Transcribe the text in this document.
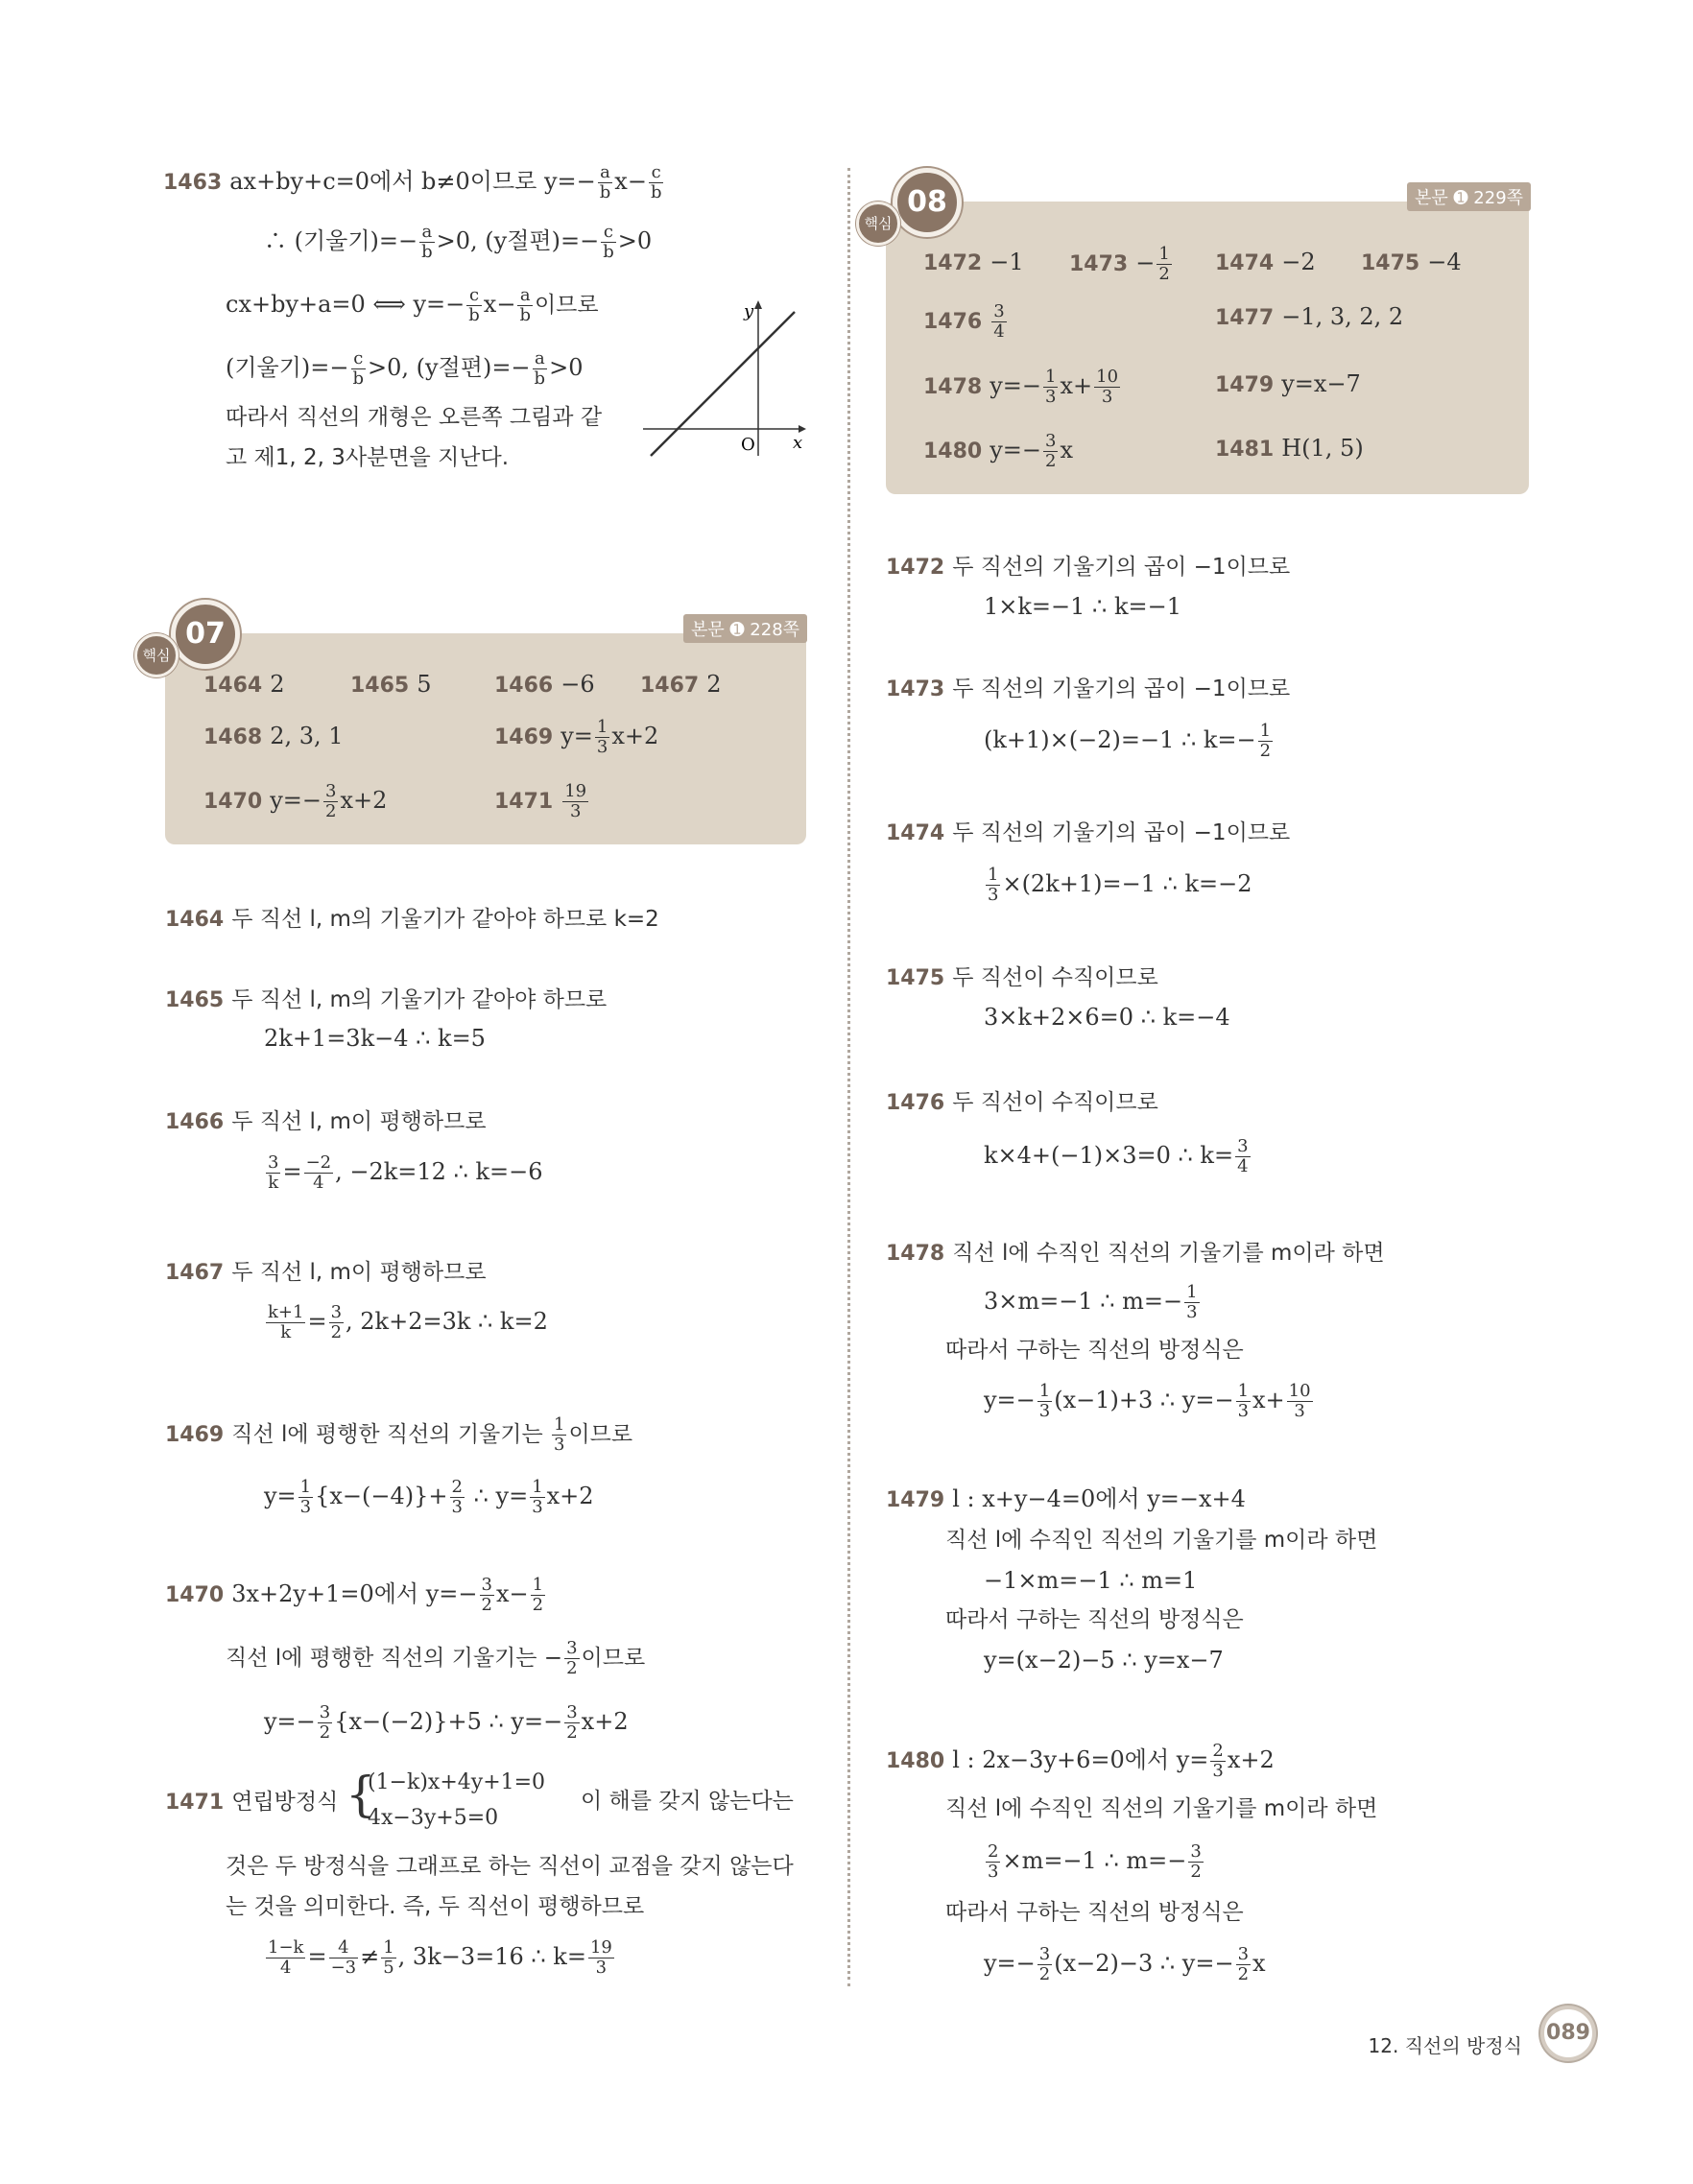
1463 ax+by+c=0에서 b≠0이므로 $y=- \frac{a}{b} x- \frac{c}{b}$
∴ (기울기)=− $\frac{a}{b} >0$, (y절편)=− $\frac{c}{b} >0$
cx+by+a=0 ⟺ $y=- \frac{c}{b} x- \frac{a}{b}$ 이므로
(기울기)=− $\frac{c}{b} >0$, (y절편)=− $\frac{a}{b} >0$
따라서 직선의 개형은 오른쪽 그림과 같
고 제1, 2, 3사분면을 지난다.
y
x
O
07
핵심
본문 ➊ 228쪽
1464 2	1465 5	1466 −6 1467 2
1468 2, 3, 1	1469 $y= \frac{1}{3} x+2$
1470 $y=- \frac{3}{2} x+2$	$1471 \frac{19}{3}$
1464 두 직선 l, m의 기울기가 같아야 하므로 k=2
1465 두 직선 l, m의 기울기가 같아야 하므로
2k+1=3k−4 ∴ k=5
1466 두 직선 l, m이 평행하므로
$\frac{3}{k} = \frac{-2}{4}$ , −2k=12 ∴ k=−6
1467 두 직선 l, m이 평행하므로
$\frac{k+1}{k} = \frac{3}{2}$ , 2k+2=3k ∴ k=2
1469 직선 l에 평행한 직선의 기울기는 $\frac{1}{3}$ 이므로
$y= \frac{1}{3} \{x-(-4)\}+ \frac{2}{3}$ ∴ $y= \frac{1}{3} x+2$
1470 3x+2y+1=0에서 $y=- \frac{3}{2} x- \frac{1}{2}$
직선 l에 평행한 직선의 기울기는 − $\frac{3}{2}$ 이므로
$y=- \frac{3}{2} \{x-(-2)\}+5$ ∴ $y=- \frac{3}{2} x+2$
1471 연립방정식 {
(1−k)x+4y+1=0
4x−3y+5=0
이 해를 갖지 않는다는
것은 두 방정식을 그래프로 하는 직선이 교점을 갖지 않는다
는 것을 의미한다. 즉, 두 직선이 평행하므로
$\frac{1-k}{4} = \frac{4}{-3} \ne \frac{1}{5}$ , 3k−3=16 ∴ $k= \frac{19}{3}$
08
핵심
본문 ➊ 229쪽
1472 −1 $1473 - \frac{1}{2} 1474 -2$ 1475 −4
$1476 \frac{3}{4}$	1477 −1, 3, 2, 2
1478 $y=- \frac{1}{3} x+ \frac{10}{3}$	1479 y=x−7
1480 $y=- \frac{3}{2}$ x	1481 H(1, 5)
1472 두 직선의 기울기의 곱이 −1이므로
1×k=−1 ∴ k=−1
1473 두 직선의 기울기의 곱이 −1이므로
(k+1)×(−2)=−1 ∴ $k=- \frac{1}{2}$
1474 두 직선의 기울기의 곱이 −1이므로
$\frac{1}{3} \times(2k+1)=-1$ ∴ k=−2
1475 두 직선이 수직이므로
3×k+2×6=0 ∴ k=−4
1476 두 직선이 수직이므로
k×4+(−1)×3=0 ∴ $k= \frac{3}{4}$
1478 직선 l에 수직인 직선의 기울기를 m이라 하면
3×m=−1 ∴ $m=- \frac{1}{3}$
따라서 구하는 직선의 방정식은
$y=- \frac{1}{3} (x-1)+3$ ∴ $y=- \frac{1}{3} x+ \frac{10}{3}$
1479 l : x+y−4=0에서 y=−x+4
직선 l에 수직인 직선의 기울기를 m이라 하면
−1×m=−1 ∴ m=1
따라서 구하는 직선의 방정식은
y=(x−2)−5 ∴ y=x−7
1480 l : 2x−3y+6=0에서 $y= \frac{2}{3} x+2$
직선 l에 수직인 직선의 기울기를 m이라 하면
$\frac{2}{3} \times m=-1$ ∴ $m=- \frac{3}{2}$
따라서 구하는 직선의 방정식은
$y=- \frac{3}{2} (x-2)-3$ ∴ $y=- \frac{3}{2}$ x
12. 직선의 방정식
089
